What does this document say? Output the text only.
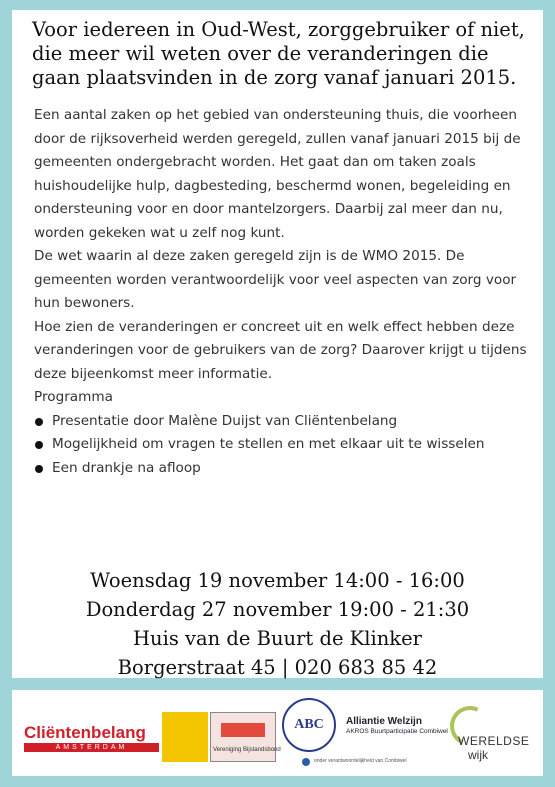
Voor iedereen in Oud-West, zorggebruiker of niet, die meer wil weten over de veranderingen die gaan plaatsvinden in de zorg vanaf januari 2015.

Een aantal zaken op het gebied van ondersteuning thuis, die voorheen door de rijksoverheid werden geregeld, zullen vanaf januari 2015 bij de gemeenten ondergebracht worden. Het gaat dan om taken zoals huishoudelijke hulp, dagbesteding, beschermd wonen, begeleiding en ondersteuning voor en door mantelzorgers. Daarbij zal meer dan nu, worden gekeken wat u zelf nog kunt.

De wet waarin al deze zaken geregeld zijn is de WMO 2015. De gemeenten worden verantwoordelijk voor veel aspecten van zorg voor hun bewoners.

Hoe zien de veranderingen er concreet uit en welk effect hebben deze veranderingen voor de gebruikers van de zorg? Daarover krijgt u tijdens deze bijeenkomst meer informatie.

Programma

Presentatie door Malène Duijst van Cliëntenbelang
Mogelijkheid om vragen te stellen en met elkaar uit te wisselen
Een drankje na afloop
Woensdag 19 november 14:00 - 16:00
Donderdag 27 november 19:00 - 21:30
Huis van de Buurt de Klinker
Borgerstraat 45 | 020 683 85 42
Cliëntenbelang
AMSTERDAM	Vereniging Bijstandsbond
ABC	Alliantie Welzijn
AKROS Buurtparticipatie Combiwel
onder verantwoordelijkheid van Combiwel
WERELDSE
wijk
